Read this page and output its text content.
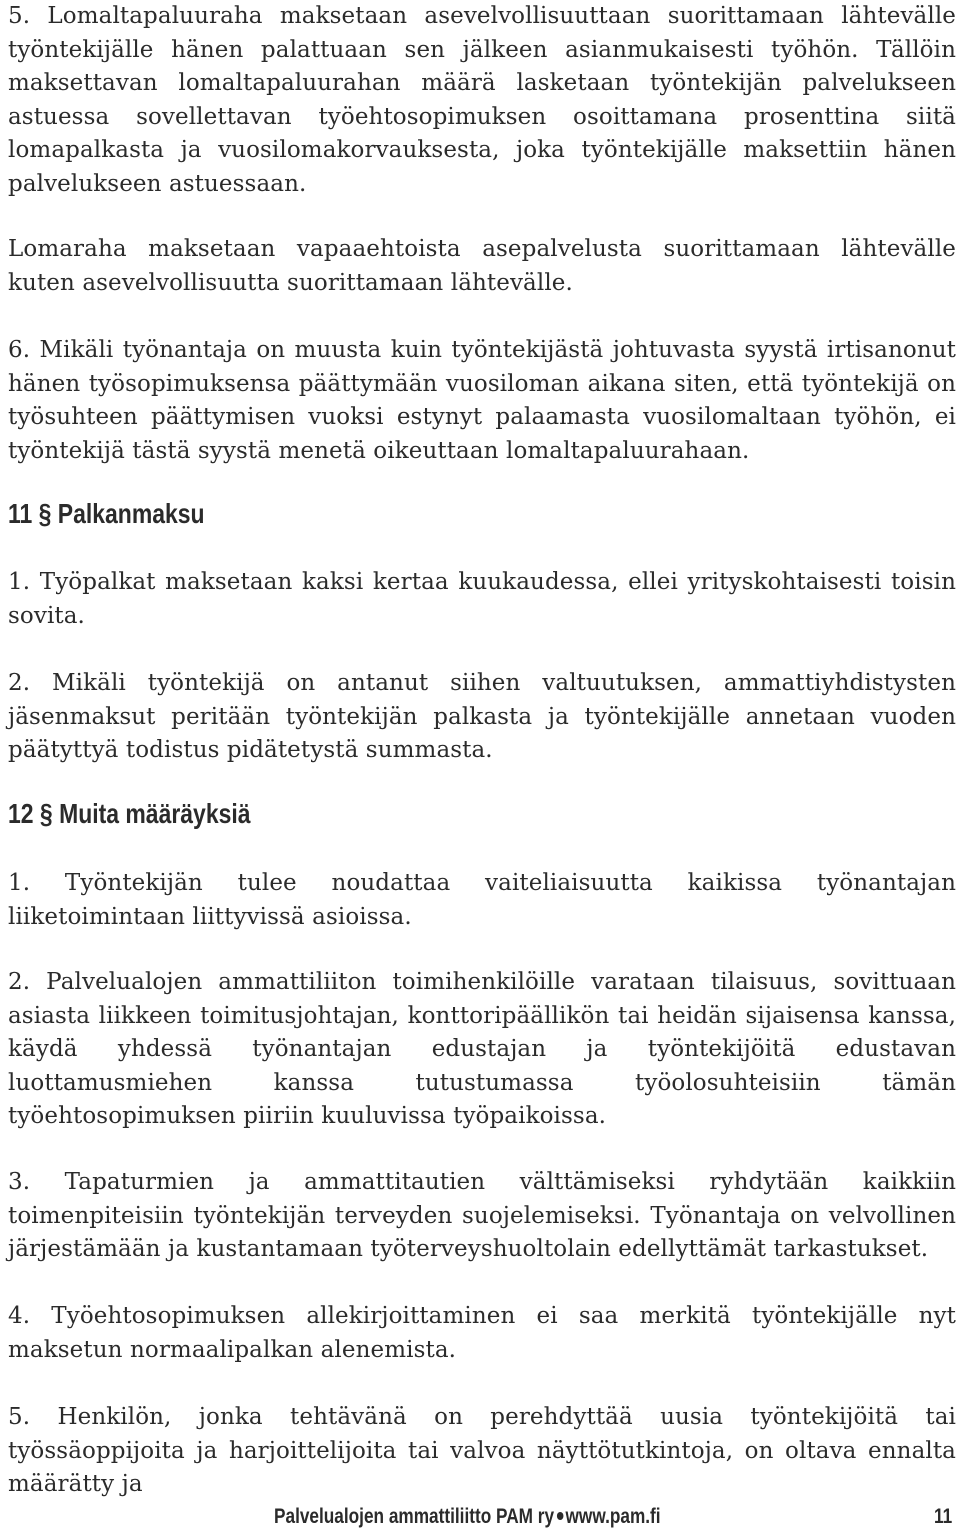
5. Lomaltapaluuraha maksetaan asevelvollisuuttaan suorittamaan lähtevälle työntekijälle hänen palattuaan sen jälkeen asianmukaisesti työhön. Tällöin maksettavan lomaltapaluurahan määrä lasketaan työntekijän palvelukseen astuessa sovellettavan työehtosopimuksen osoittamana prosenttina siitä lomapalkasta ja vuosilomakorvauksesta, joka työntekijälle maksettiin hänen palvelukseen astuessaan.

Lomaraha maksetaan vapaaehtoista asepalvelusta suorittamaan lähtevälle kuten asevelvollisuutta suorittamaan lähtevälle.

6. Mikäli työnantaja on muusta kuin työntekijästä johtuvasta syystä irtisanonut hänen työsopimuksensa päättymään vuosiloman aikana siten, että työntekijä on työsuhteen päättymisen vuoksi estynyt palaamasta vuosilomaltaan työhön, ei työntekijä tästä syystä menetä oikeuttaan lomaltapaluurahaan.

11 § Palkanmaksu

1. Työpalkat maksetaan kaksi kertaa kuukaudessa, ellei yrityskohtaisesti toisin sovita.

2. Mikäli työntekijä on antanut siihen valtuutuksen, ammattiyhdistysten jäsenmaksut peritään työntekijän palkasta ja työntekijälle annetaan vuoden päätyttyä todistus pidätetystä summasta.

12 § Muita määräyksiä

1. Työntekijän tulee noudattaa vaiteliaisuutta kaikissa työnantajan liiketoimintaan liittyvissä asioissa.

2. Palvelualojen ammattiliiton toimihenkilöille varataan tilaisuus, sovittuaan asiasta liikkeen toimitusjohtajan, konttoripäällikön tai heidän sijaisensa kanssa, käydä yhdessä työnantajan edustajan ja työntekijöitä edustavan luottamusmiehen kanssa tutustumassa työolosuhteisiin tämän työehtosopimuksen piiriin kuuluvissa työpaikoissa.

3. Tapaturmien ja ammattitautien välttämiseksi ryhdytään kaikkiin toimenpiteisiin työntekijän terveyden suojelemiseksi. Työnantaja on velvollinen järjestämään ja kustantamaan työterveyshuoltolain edellyttämät tarkastukset.

4. Työehtosopimuksen allekirjoittaminen ei saa merkitä työntekijälle nyt maksetun normaalipalkan alenemista.

5. Henkilön, jonka tehtävänä on perehdyttää uusia työntekijöitä tai työssäoppijoita ja harjoittelijoita tai valvoa näyttötutkintoja, on oltava ennalta määrätty ja

Palvelualojen ammattiliitto PAM ry www.pam.fi	11
